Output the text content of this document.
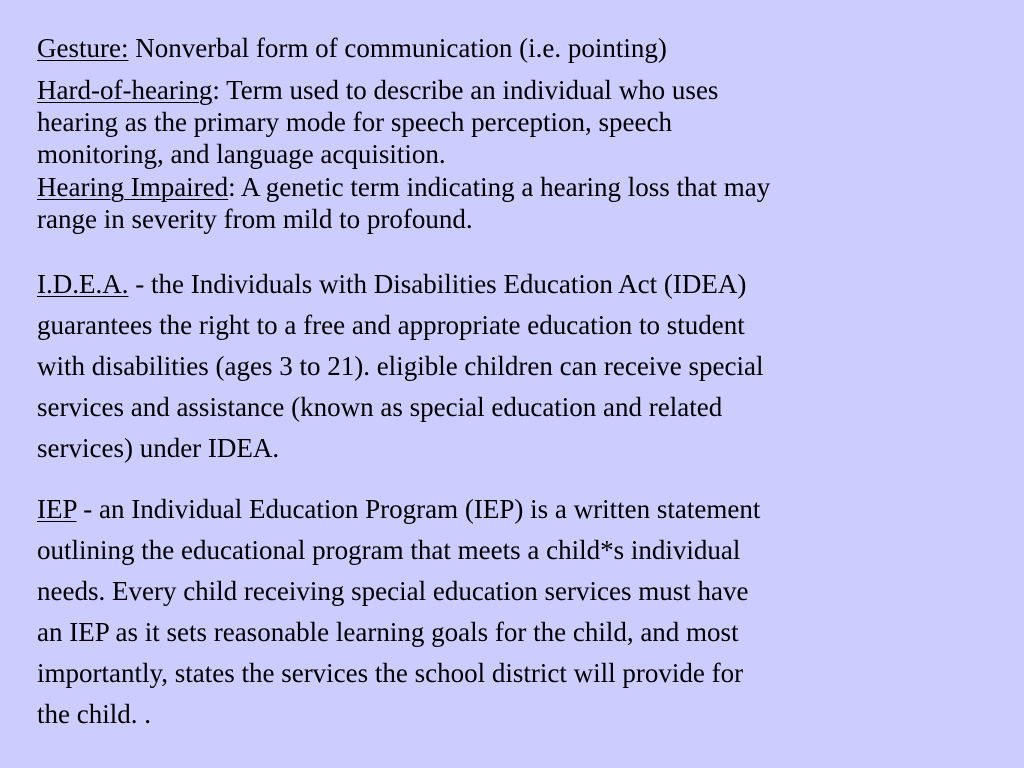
Gesture: Nonverbal form of communication (i.e. pointing)

Hard-of-hearing: Term used to describe an individual who uses
hearing as the primary mode for speech perception, speech
monitoring, and language acquisition.

Hearing Impaired: A genetic term indicating a hearing loss that may
range in severity from mild to profound.

I.D.E.A. - the Individuals with Disabilities Education Act (IDEA)
guarantees the right to a free and appropriate education to student
with disabilities (ages 3 to 21). eligible children can receive special
services and assistance (known as special education and related
services) under IDEA.

IEP - an Individual Education Program (IEP) is a written statement
outlining the educational program that meets a child*s individual
needs. Every child receiving special education services must have
an IEP as it sets reasonable learning goals for the child, and most
importantly, states the services the school district will provide for
the child. .
